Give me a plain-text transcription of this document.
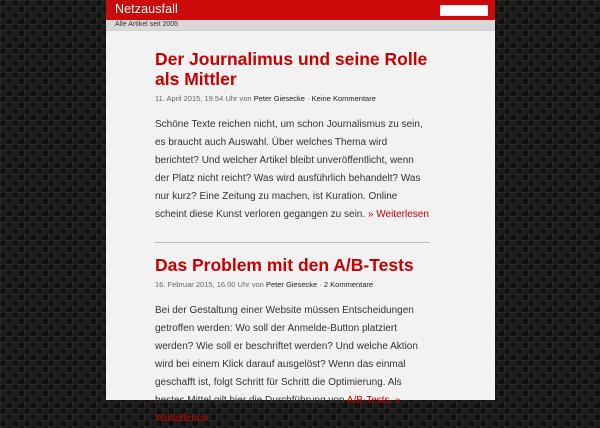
Netzausfall
Alle Artikel seit 2005
Der Journalimus und seine Rolle als Mittler
11. April 2015, 19.54 Uhr von Peter Giesecke · Keine Kommentare

Schöne Texte reichen nicht, um schon Journalismus zu sein, es braucht auch Auswahl. Über welches Thema wird berichtet? Und welcher Artikel bleibt unveröffentlicht, wenn der Platz nicht reicht? Was wird ausführlich behandelt? Was nur kurz? Eine Zeitung zu machen, ist Kuration. Online scheint diese Kunst verloren gegangen zu sein. » Weiterlesen

Das Problem mit den A/B-Tests
16. Februar 2015, 16.00 Uhr von Peter Giesecke · 2 Kommentare

Bei der Gestaltung einer Website müssen Entscheidungen getroffen werden: Wo soll der Anmelde-Button platziert werden? Wie soll er beschriftet werden? Und welche Aktion wird bei einem Klick darauf ausgelöst? Wenn das einmal geschafft ist, folgt Schritt für Schritt die Optimierung. Als bestes Mittel gilt hier die Durchführung von A/B-Tests. » Weiterlesen
